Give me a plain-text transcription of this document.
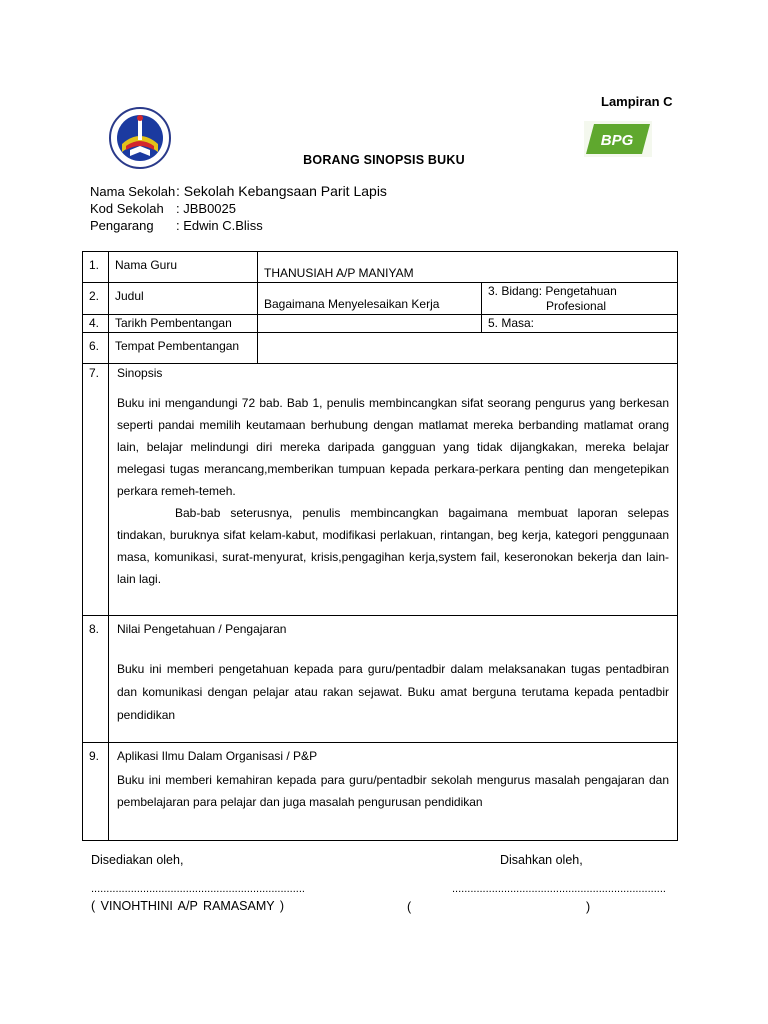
Lampiran C
BPG
BORANG SINOPSIS BUKU
Nama Sekolah: Sekolah Kebangsaan Parit Lapis
Kod Sekolah : JBB0025
Pengarang : Edwin C.Bliss
1.	Nama Guru	THANUSIAH A/P MANIYAM	
2.	Judul	Bagaimana Menyelesaikan Kerja	3. Bidang: Pengetahuan
Profesional

4.	Tarikh Pembentangan		5. Masa:
6.	Tempat Pembentangan		
7.	Sinopsis

Buku ini mengandungi 72 bab. Bab 1, penulis membincangkan sifat seorang pengurus yang berkesan seperti pandai memilih keutamaan berhubung dengan matlamat mereka berbanding matlamat orang lain, belajar melindungi diri mereka daripada gangguan yang tidak dijangkakan, mereka belajar melegasi tugas merancang,memberikan tumpuan kepada perkara-perkara penting dan mengetepikan perkara remeh-temeh.

Bab-bab seterusnya, penulis membincangkan bagaimana membuat laporan selepas tindakan, buruknya sifat kelam-kabut, modifikasi perlakuan, rintangan, beg kerja, kategori penggunaan masa, komunikasi, surat-menyurat, krisis,pengagihan kerja,system fail, keseronokan bekerja dan lain-lain lagi.		

8.	Nilai Pengetahuan / Pengajaran

Buku ini memberi pengetahuan kepada para guru/pentadbir dalam melaksanakan tugas pentadbiran dan komunikasi dengan pelajar atau rakan sejawat. Buku amat berguna terutama kepada pentadbir pendidikan		

9.	Aplikasi Ilmu Dalam Organisasi / P&P

Buku ini memberi kemahiran kepada para guru/pentadbir sekolah mengurus masalah pengajaran dan pembelajaran para pelajar dan juga masalah pengurusan pendidikan		

Disediakan oleh,	Disahkan oleh,
......................................................................	......................................................................
( VINOHTHINI A/P RAMASAMY )	(	)
